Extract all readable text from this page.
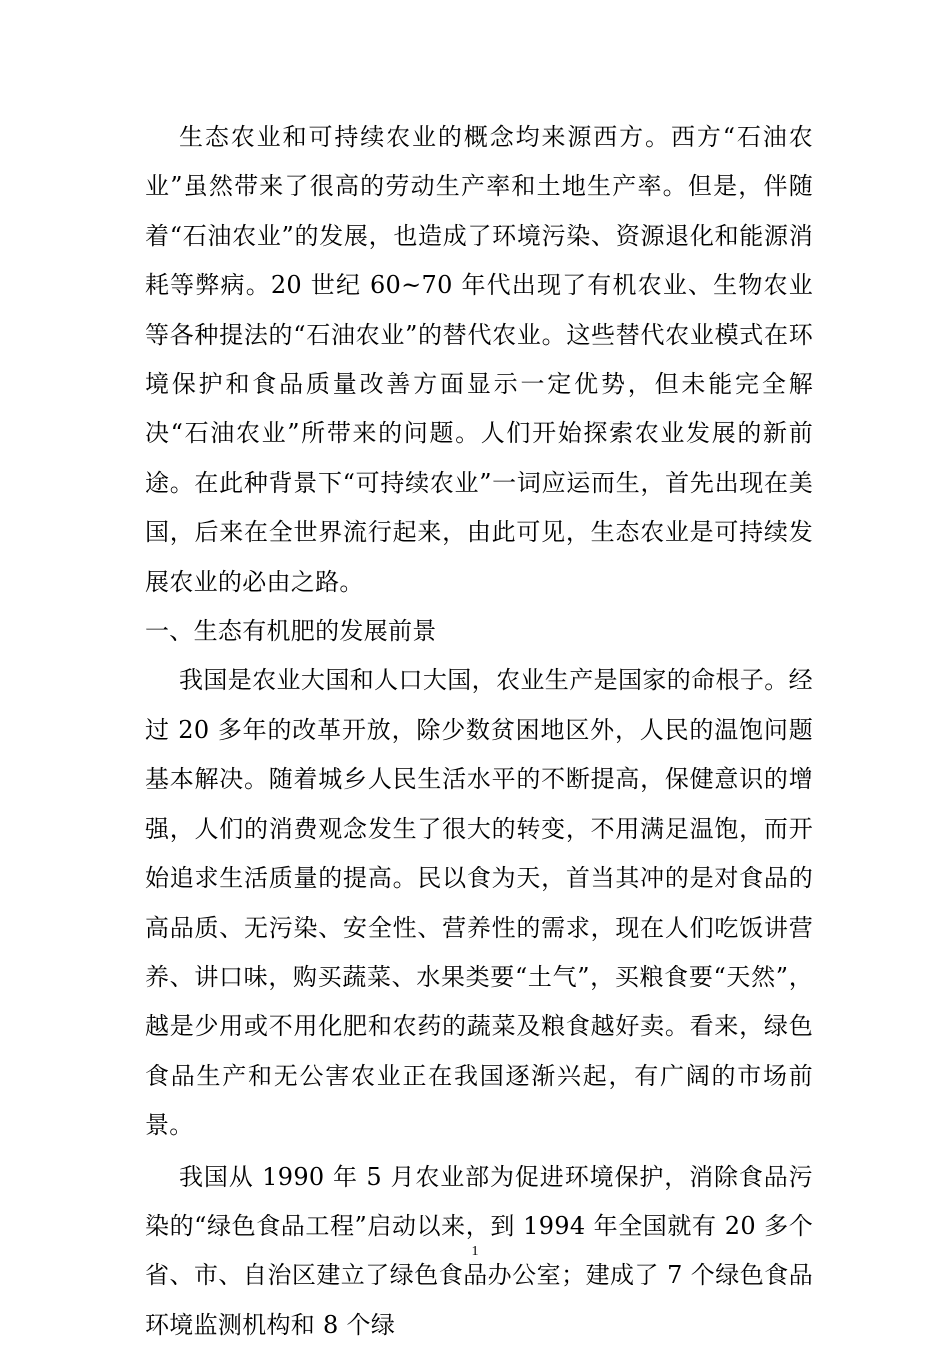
生态农业和可持续农业的概念均来源西方。西方“石油农业”虽然带来了很高的劳动生产率和土地生产率。但是，伴随着“石油农业”的发展，也造成了环境污染、资源退化和能源消耗等弊病。20 世纪 60~70 年代出现了有机农业、生物农业等各种提法的“石油农业”的替代农业。这些替代农业模式在环境保护和食品质量改善方面显示一定优势，但未能完全解决“石油农业”所带来的问题。人们开始探索农业发展的新前途。在此种背景下“可持续农业”一词应运而生，首先出现在美国，后来在全世界流行起来，由此可见，生态农业是可持续发展农业的必由之路。

一、生态有机肥的发展前景

我国是农业大国和人口大国，农业生产是国家的命根子。经过 20 多年的改革开放，除少数贫困地区外，人民的温饱问题基本解决。随着城乡人民生活水平的不断提高，保健意识的增强，人们的消费观念发生了很大的转变，不用满足温饱，而开始追求生活质量的提高。民以食为天，首当其冲的是对食品的高品质、无污染、安全性、营养性的需求，现在人们吃饭讲营养、讲口味，购买蔬菜、水果类要“土气”，买粮食要“天然”，越是少用或不用化肥和农药的蔬菜及粮食越好卖。看来，绿色食品生产和无公害农业正在我国逐渐兴起，有广阔的市场前景。

我国从 1990 年 5 月农业部为促进环境保护，消除食品污染的“绿色食品工程”启动以来，到 1994 年全国就有 20 多个省、市、自治区建立了绿色食品办公室；建成了 7 个绿色食品环境监测机构和 8 个绿

1
